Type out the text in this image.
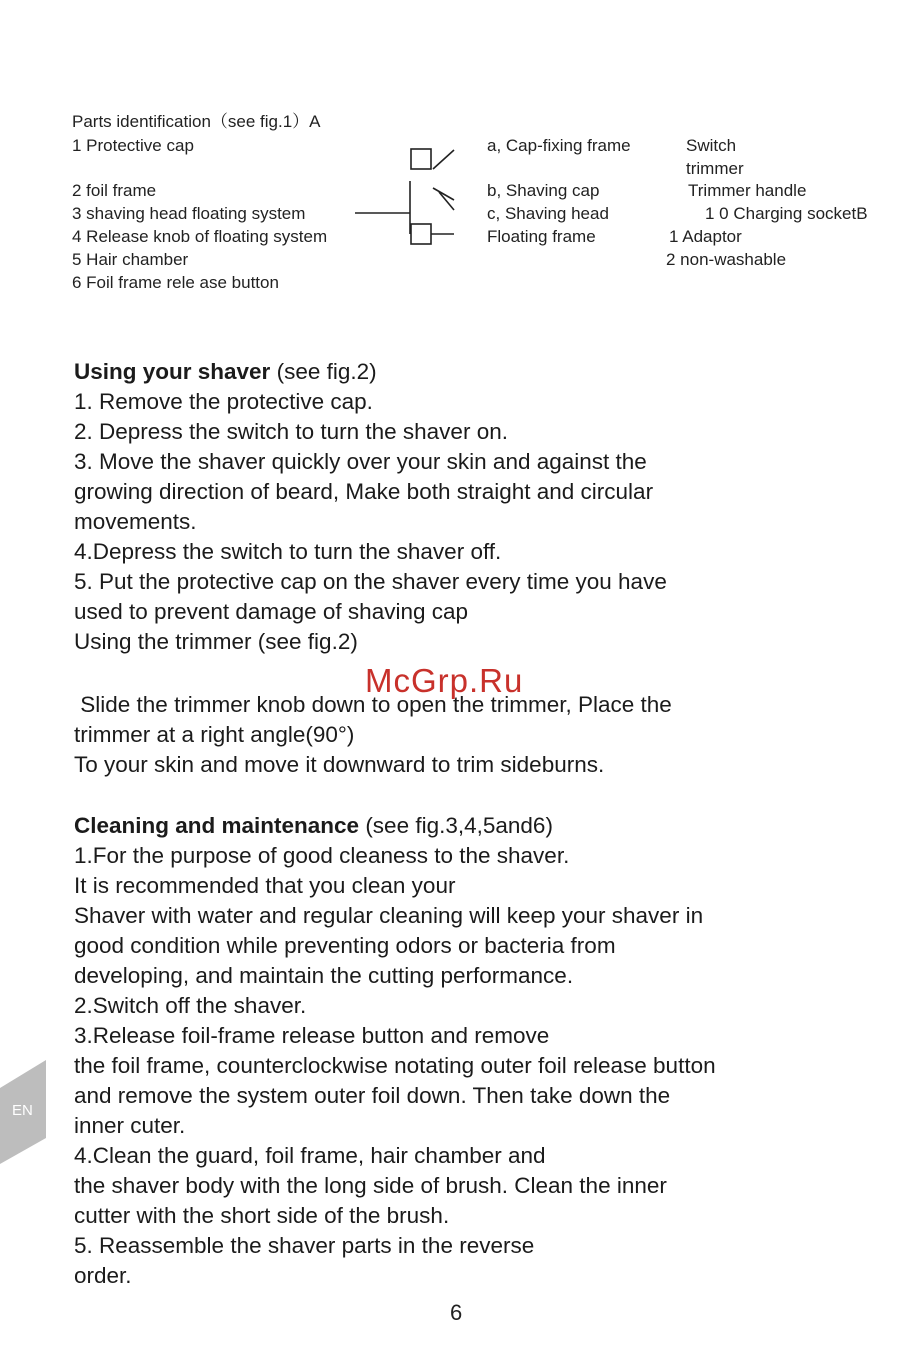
Parts identification（see fig.1）A
1 Protective cap
2 foil frame
3 shaving head floating system
4 Release knob of floating system
5 Hair chamber
6 Foil frame rele ase button
a, Cap-fixing frame
b, Shaving cap
c, Shaving head
Floating frame
Switch
trimmer
Trimmer handle
1 0 Charging socketB
1 Adaptor
2 non-washable
Using your shaver (see fig.2)
1. Remove the protective cap.
2. Depress the switch to turn the shaver on.
3. Move the shaver quickly over your skin and against the
growing direction of beard, Make both straight and circular
movements.
4.Depress the switch to turn the shaver off.
5. Put the protective cap on the shaver every time you have
used to prevent damage of shaving cap
Using the trimmer (see fig.2)
Slide the trimmer knob down to open the trimmer, Place the
trimmer at a right angle(90°)
To your skin and move it downward to trim sideburns.
Cleaning and maintenance (see fig.3,4,5and6)
1.For the purpose of good cleaness to the shaver.
It is recommended that you clean your
Shaver with water and regular cleaning will keep your shaver in
good condition while preventing odors or bacteria from
developing, and maintain the cutting performance.
2.Switch off the shaver.
3.Release foil-frame release button and remove
the foil frame, counterclockwise notating outer foil release button
and remove the system outer foil down. Then take down the
inner cuter.
4.Clean the guard, foil frame, hair chamber and
the shaver body with the long side of brush. Clean the inner
cutter with the short side of the brush.
5. Reassemble the shaver parts in the reverse
order.
McGrp.Ru
EN
6
